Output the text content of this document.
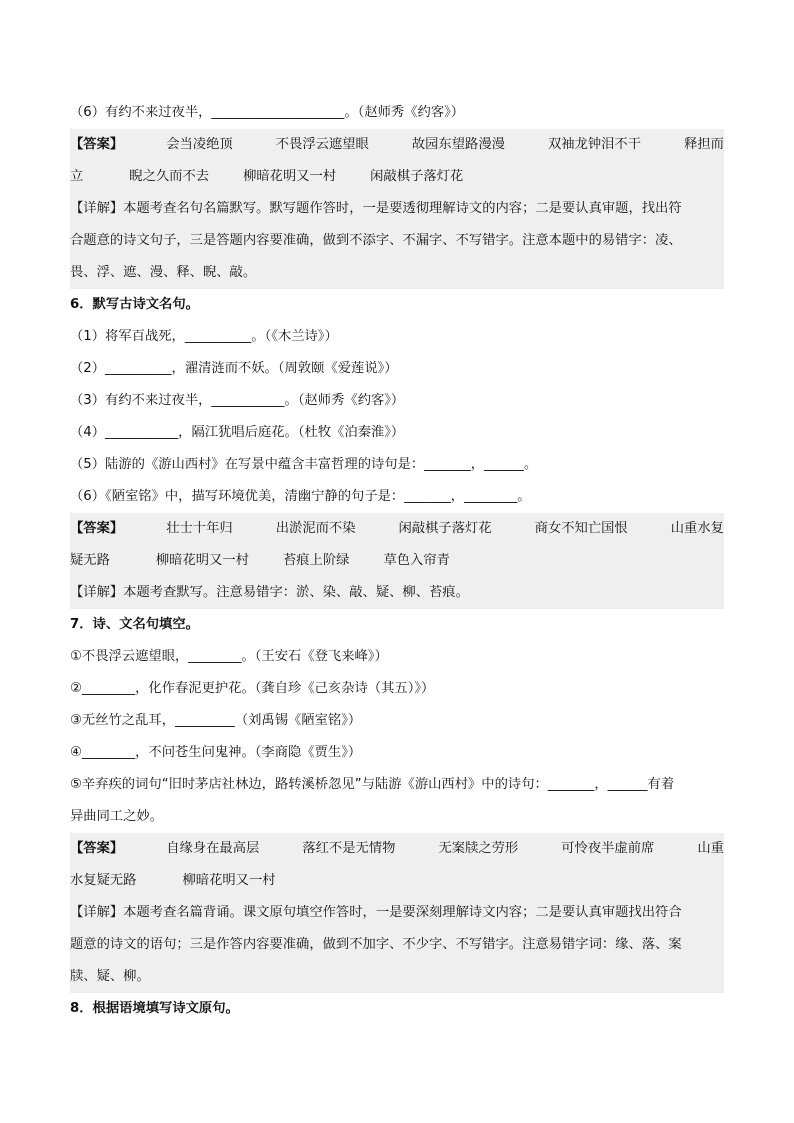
（6）有约不来过夜半，____________________。（赵师秀《约客》）
【答案】	会当凌绝顶	不畏浮云遮望眼	故园东望路漫漫	双袖龙钟泪不干	释担而
立	睨之久而不去	柳暗花明又一村	闲敲棋子落灯花
【详解】本题考查名句名篇默写。默写题作答时，一是要透彻理解诗文的内容；二是要认真审题，找出符
合题意的诗文句子，三是答题内容要准确，做到不添字、不漏字、不写错字。注意本题中的易错字：凌、
畏、浮、遮、漫、释、睨、敲。
6．默写古诗文名句。
（1）将军百战死，__________。（《木兰诗》）
（2）__________，濯清涟而不妖。（周敦颐《爱莲说》）
（3）有约不来过夜半，___________。（赵师秀《约客》）
（4）___________，隔江犹唱后庭花。（杜牧《泊秦淮》）
（5）陆游的《游山西村》在写景中蕴含丰富哲理的诗句是：_______，______。
（6）《陋室铭》中，描写环境优美，清幽宁静的句子是：_______，________。
【答案】	壮士十年归	出淤泥而不染	闲敲棋子落灯花	商女不知亡国恨	山重水复
疑无路	柳暗花明又一村	苔痕上阶绿	草色入帘青
【详解】本题考查默写。注意易错字：淤、染、敲、疑、柳、苔痕。
7．诗、文名句填空。
①不畏浮云遮望眼，________。（王安石《登飞来峰》）
②________，化作春泥更护花。（龚自珍《己亥杂诗（其五）》）
③无丝竹之乱耳，_________（刘禹锡《陋室铭》）
④________，不问苍生问鬼神。（李商隐《贾生》）
⑤辛弃疾的词句“旧时茅店社林边，路转溪桥忽见”与陆游《游山西村》中的诗句：_______，______有着
异曲同工之妙。
【答案】	自缘身在最高层	落红不是无情物	无案牍之劳形	可怜夜半虚前席	山重
水复疑无路	柳暗花明又一村
【详解】本题考查名篇背诵。课文原句填空作答时，一是要深刻理解诗文内容；二是要认真审题找出符合
题意的诗文的语句；三是作答内容要准确，做到不加字、不少字、不写错字。注意易错字词：缘、落、案
牍、疑、柳。
8．根据语境填写诗文原句。
